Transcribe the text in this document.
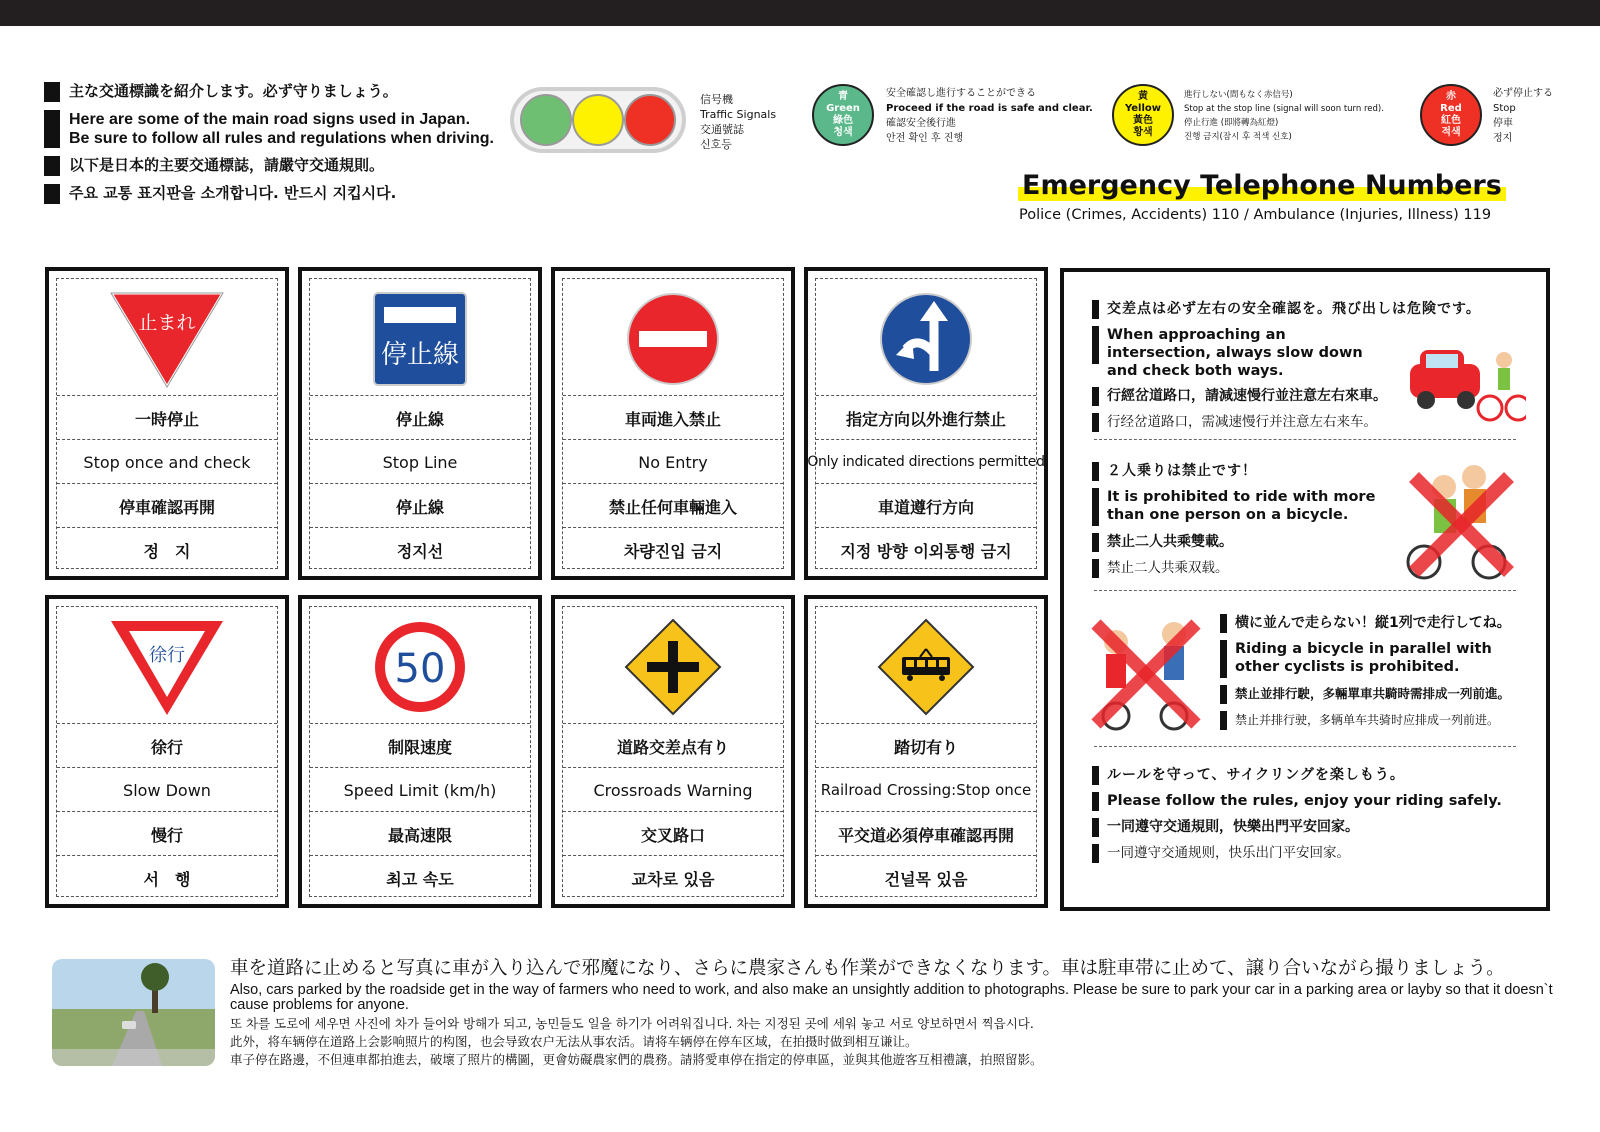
主な交通標識を紹介します。必ず守りましょう。
Here are some of the main road signs used in Japan.
Be sure to follow all rules and regulations when driving.
以下是日本的主要交通標誌，請嚴守交通規則。
주요 교통 표지판을 소개합니다. 반드시 지킵시다.
信号機
Traffic Signals
交通號誌
신호등
青
Green
綠色
청색
安全確認し進行することができる
Proceed if the road is safe and clear.
確認安全後行進
안전 확인 후 진행
黄
Yellow
黃色
황색
進行しない(間もなく赤信号)
Stop at the stop line (signal will soon turn red).
停止行進 (即將轉為紅燈)
진행 금지(잠시 후 적색 신호)
赤
Red
紅色
적색
必ず停止する
Stop
停車
정지
Emergency Telephone Numbers
Police (Crimes, Accidents) 110 / Ambulance (Injuries, Illness) 119
止まれ
一時停止
Stop once and check
停車確認再開
정　지
停止線
停止線
Stop Line
停止線
정지선
車両進入禁止
No Entry
禁止任何車輛進入
차량진입 금지
指定方向以外進行禁止
Only indicated directions permitted
車道遵行方向
지정 방향 이외통행 금지
徐行
徐行
Slow Down
慢行
서　행
50
制限速度
Speed Limit (km/h)
最高速限
최고 속도
道路交差点有り
Crossroads Warning
交叉路口
교차로 있음
踏切有り
Railroad Crossing:Stop once
平交道必須停車確認再開
건널목 있음
交差点は必ず左右の安全確認を。飛び出しは危険です。
When approaching an intersection, always slow down and check both ways.
行經岔道路口，請減速慢行並注意左右來車。
行经岔道路口，需减速慢行并注意左右来车。
２人乗りは禁止です！
It is prohibited to ride with more than one person on a bicycle.
禁止二人共乘雙載。
禁止二人共乘双载。
横に並んで走らない！縦1列で走行してね。
Riding a bicycle in parallel with other cyclists is prohibited.
禁止並排行駛，多輛單車共騎時需排成一列前進。
禁止并排行驶，多辆单车共骑时应排成一列前进。
ルールを守って、サイクリングを楽しもう。
Please follow the rules, enjoy your riding safely.
一同遵守交通規則，快樂出門平安回家。
一同遵守交通规则，快乐出门平安回家。
車を道路に止めると写真に車が入り込んで邪魔になり、さらに農家さんも作業ができなくなります。車は駐車帯に止めて、譲り合いながら撮りましょう。
Also, cars parked by the roadside get in the way of farmers who need to work, and also make an unsightly addition to photographs. Please be sure to park your car in a parking area or layby so that it doesn`t cause problems for anyone.
또 차를 도로에 세우면 사진에 차가 들어와 방해가 되고, 농민들도 일을 하기가 어려워집니다. 차는 지정된 곳에 세워 놓고 서로 양보하면서 찍읍시다.
此外，将车辆停在道路上会影响照片的构图，也会导致农户无法从事农活。请将车辆停在停车区域，在拍摄时做到相互谦让。
車子停在路邊，不但連車都拍進去，破壞了照片的構圖，更會妨礙農家們的農務。請將愛車停在指定的停車區，並與其他遊客互相禮讓，拍照留影。
